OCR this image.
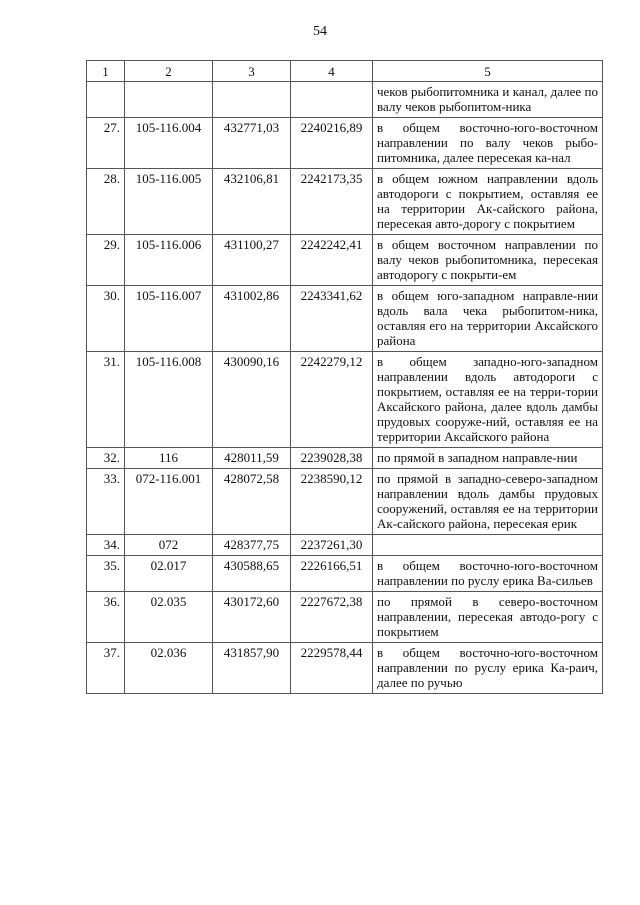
54
1	2	3	4	5
				чеков рыбопитомника и канал, далее по валу чеков рыбопитом-ника
27.	105-116.004	432771,03	2240216,89	в общем восточно-юго-восточном направлении по валу чеков рыбо-питомника, далее пересекая ка-нал
28.	105-116.005	432106,81	2242173,35	в общем южном направлении вдоль автодороги с покрытием, оставляя ее на территории Ак-сайского района, пересекая авто-дорогу с покрытием
29.	105-116.006	431100,27	2242242,41	в общем восточном направлении по валу чеков рыбопитомника, пересекая автодорогу с покрыти-ем
30.	105-116.007	431002,86	2243341,62	в общем юго-западном направле-нии вдоль вала чека рыбопитом-ника, оставляя его на территории Аксайского района
31.	105-116.008	430090,16	2242279,12	в общем западно-юго-западном направлении вдоль автодороги с покрытием, оставляя ее на терри-тории Аксайского района, далее вдоль дамбы прудовых сооруже-ний, оставляя ее на территории Аксайского района
32.	116	428011,59	2239028,38	по прямой в западном направле-нии
33.	072-116.001	428072,58	2238590,12	по прямой в западно-северо-западном направлении вдоль дамбы прудовых сооружений, оставляя ее на территории Ак-сайского района, пересекая ерик
34.	072	428377,75	2237261,30	
35.	02.017	430588,65	2226166,51	в общем восточно-юго-восточном направлении по руслу ерика Ва-сильев
36.	02.035	430172,60	2227672,38	по прямой в северо-восточном направлении, пересекая автодо-рогу с покрытием
37.	02.036	431857,90	2229578,44	в общем восточно-юго-восточном направлении по руслу ерика Ка-раич, далее по ручью
